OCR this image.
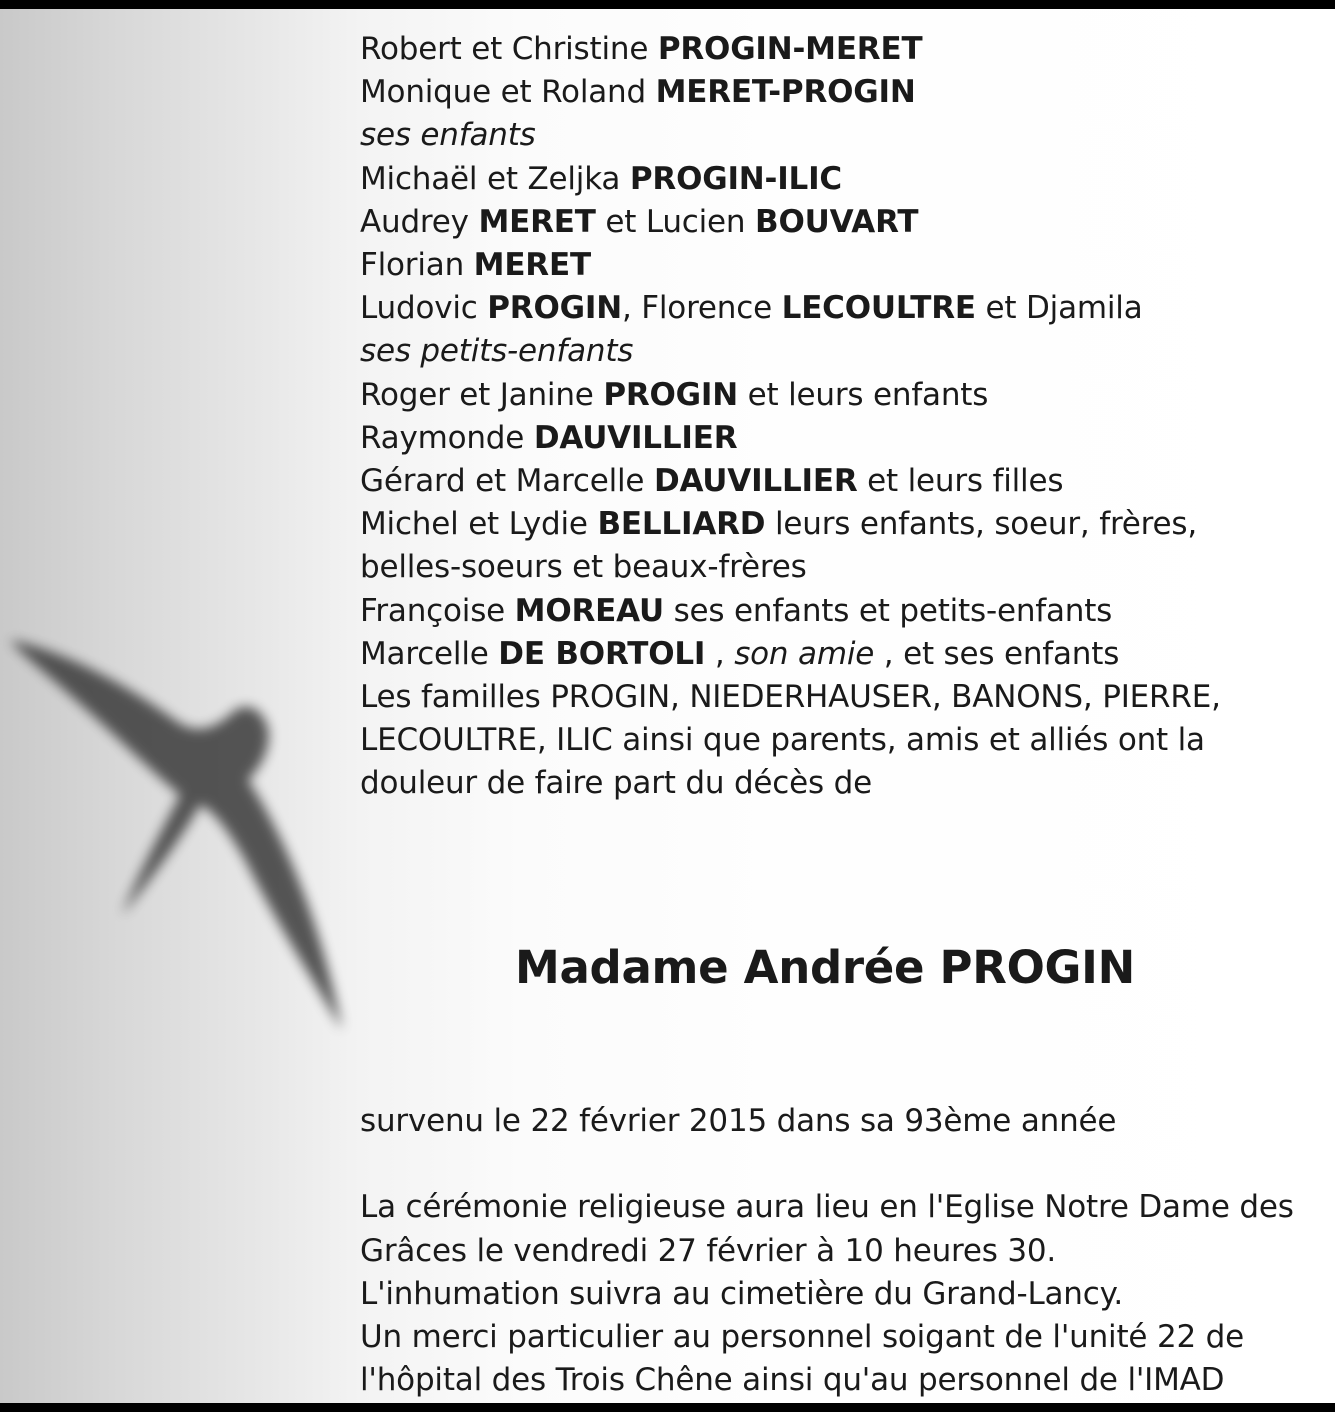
Robert et Christine PROGIN-MERET
Monique et Roland MERET-PROGIN
ses enfants
Michaël et Zeljka PROGIN-ILIC
Audrey MERET et Lucien BOUVART
Florian MERET
Ludovic PROGIN, Florence LECOULTRE et Djamila
ses petits-enfants
Roger et Janine PROGIN et leurs enfants
Raymonde DAUVILLIER
Gérard et Marcelle DAUVILLIER et leurs filles
Michel et Lydie BELLIARD leurs enfants, soeur, frères,
belles-soeurs et beaux-frères
Françoise MOREAU ses enfants et petits-enfants
Marcelle DE BORTOLI , son amie , et ses enfants
Les familles PROGIN, NIEDERHAUSER, BANONS, PIERRE,
LECOULTRE, ILIC ainsi que parents, amis et alliés ont la
douleur de faire part du décès de
Madame Andrée PROGIN
survenu le 22 février 2015 dans sa 93ème année
La cérémonie religieuse aura lieu en l'Eglise Notre Dame des
Grâces le vendredi 27 février à 10 heures 30.
L'inhumation suivra au cimetière du Grand-Lancy.
Un merci particulier au personnel soigant de l'unité 22 de
l'hôpital des Trois Chêne ainsi qu'au personnel de l'IMAD
